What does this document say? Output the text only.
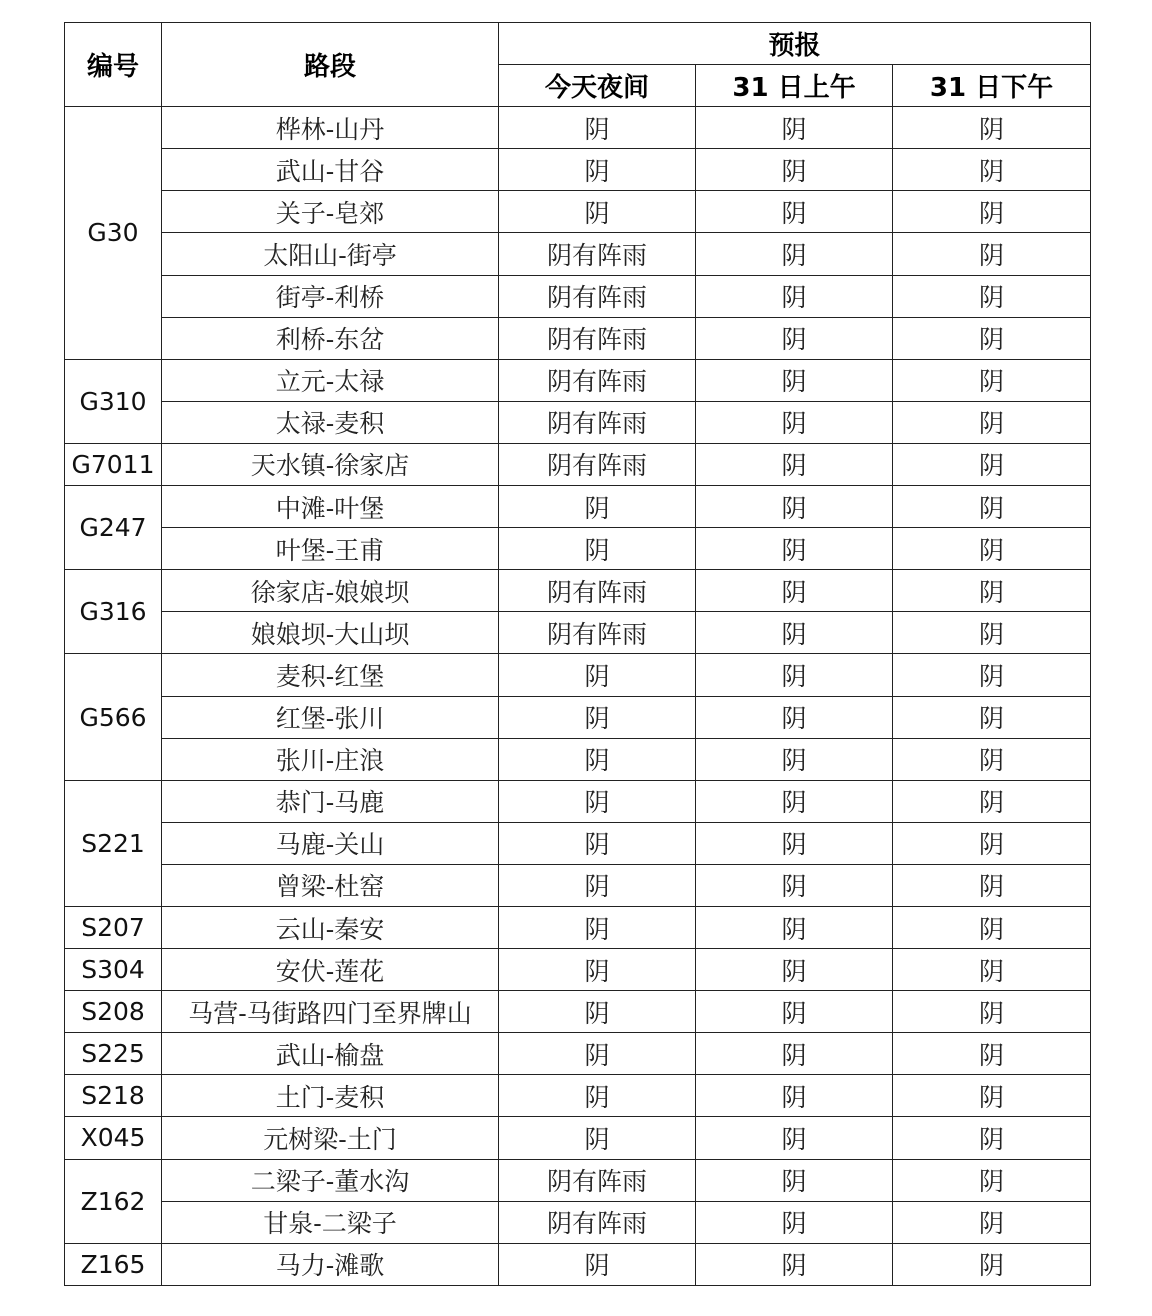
编号	路段	预报		
		今天夜间	31 日上午	31 日下午
G30	桦林-山丹	阴	阴	阴
	武山-甘谷	阴	阴	阴
	关子-皂郊	阴	阴	阴
	太阳山-街亭	阴有阵雨	阴	阴
	街亭-利桥	阴有阵雨	阴	阴
	利桥-东岔	阴有阵雨	阴	阴
G310	立元-太禄	阴有阵雨	阴	阴
	太禄-麦积	阴有阵雨	阴	阴
G7011	天水镇-徐家店	阴有阵雨	阴	阴
G247	中滩-叶堡	阴	阴	阴
	叶堡-王甫	阴	阴	阴
G316	徐家店-娘娘坝	阴有阵雨	阴	阴
	娘娘坝-大山坝	阴有阵雨	阴	阴
G566	麦积-红堡	阴	阴	阴
	红堡-张川	阴	阴	阴
	张川-庄浪	阴	阴	阴
S221	恭门-马鹿	阴	阴	阴
	马鹿-关山	阴	阴	阴
	曾梁-杜窑	阴	阴	阴
S207	云山-秦安	阴	阴	阴
S304	安伏-莲花	阴	阴	阴
S208	马营-马街路四门至界牌山	阴	阴	阴
S225	武山-榆盘	阴	阴	阴
S218	土门-麦积	阴	阴	阴
X045	元树梁-土门	阴	阴	阴
Z162	二梁子-董水沟	阴有阵雨	阴	阴
	甘泉-二梁子	阴有阵雨	阴	阴
Z165	马力-滩歌	阴	阴	阴
